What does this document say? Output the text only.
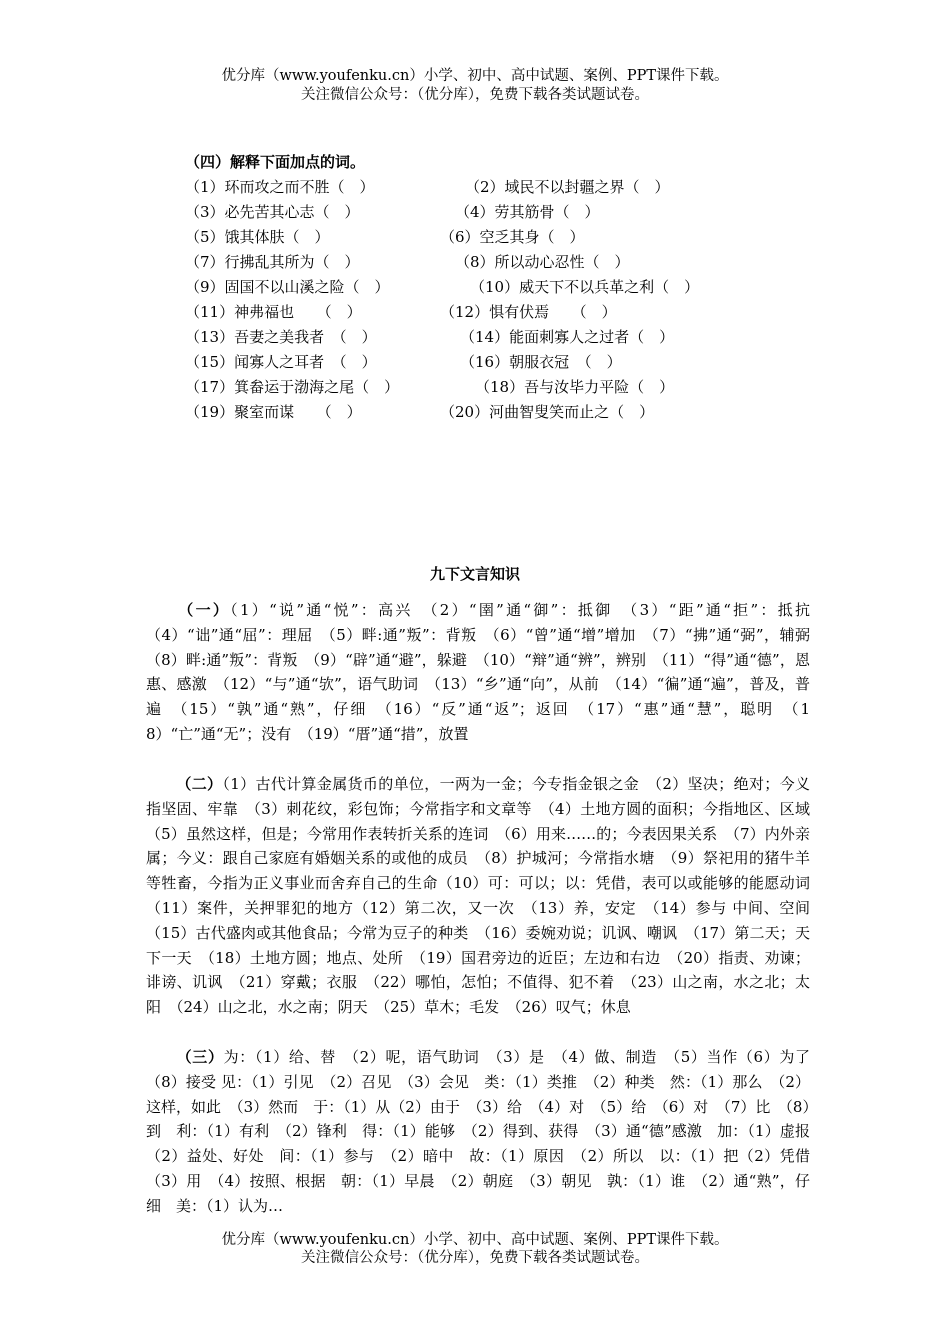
优分库（www.youfenku.cn）小学、初中、高中试题、案例、PPT课件下载。
关注微信公众号：（优分库），免费下载各类试题试卷。
（四）解释下面加点的词。
（1）环而攻之而不胜（　）	（2）域民不以封疆之界（　）
（3）必先苦其心志（　）	（4）劳其筋骨（　）
（5）饿其体肤（　）	（6）空乏其身（　）
（7）行拂乱其所为（　）	（8）所以动心忍性（　）
（9）固国不以山溪之险（　）	（10）威天下不以兵革之利（　）
（11）神弗福也　　（　）	（12）惧有伏焉　　（　）
（13）吾妻之美我者　（　）	（14）能面刺寡人之过者（　）
（15）闻寡人之耳者　（　）	（16）朝服衣冠　（　）
（17）箕畚运于渤海之尾（　）	（18）吾与汝毕力平险（　）
（19）聚室而谋　　（　）	（20）河曲智叟笑而止之（　）
九下文言知识
（一）（1）“说”通“悦”：高兴　（2）“圉”通“御”：抵御　（3）“距”通“拒”：抵抗　（4）“诎”通“屈”：理屈　（5）畔:通”叛”：背叛　（6）“曾”通“增”增加　（7）“拂”通“弼”，辅弼　（8）畔:通”叛”：背叛　（9）“辟”通“避”，躲避　（10）“辩”通“辨”，辨别　（11）“得”通“德”，恩惠、感激　（12）“与”通“欤”，语气助词　（13）“乡”通“向”，从前　（14）“徧”通“遍”，普及，普遍　（15）“孰”通“熟”，仔细　（16）“反”通“返”；返回　（17）“惠”通“慧”，聪明　（18）“亡”通“无”；没有　（19）“厝”通“措”，放置
（二）（1）古代计算金属货币的单位，一两为一金；今专指金银之金　（2）坚决；绝对；今义指坚固、牢靠　（3）刺花纹，彩包饰；今常指字和文章等　（4）土地方圆的面积；今指地区、区域　（5）虽然这样，但是；今常用作表转折关系的连词　（6）用来……的；今表因果关系　（7）内外亲属；今义：跟自己家庭有婚姻关系的或他的成员　（8）护城河；今常指水塘　（9）祭祀用的猪牛羊等牲畜，今指为正义事业而舍弃自己的生命（10）可：可以；以：凭借，表可以或能够的能愿动词　（11）案件，关押罪犯的地方（12）第二次，又一次　（13）养，安定　（14）参与 中间、空间　（15）古代盛肉或其他食品；今常为豆子的种类　（16）委婉劝说；讥讽、嘲讽　（17）第二天；天下一天　（18）土地方圆；地点、处所　（19）国君旁边的近臣；左边和右边　（20）指责、劝谏；诽谤、讥讽　（21）穿戴；衣服　（22）哪怕，怎怕；不值得、犯不着　（23）山之南，水之北；太阳　（24）山之北，水之南；阴天　（25）草木；毛发　（26）叹气；休息
（三）为：（1）给、替　（2）呢，语气助词　（3）是　（4）做、制造　（5）当作（6）为了　（8）接受 见：（1）引见　（2）召见　（3）会见　类：（1）类推　（2）种类　然：（1）那么　（2）这样，如此　（3）然而　于：（1）从（2）由于　（3）给　（4）对　（5）给　（6）对　（7）比　（8）到　利：（1）有利　（2）锋利　得：（1）能够　（2）得到、获得　（3）通“德”感激　加：（1）虚报　（2）益处、好处　间：（1）参与　（2）暗中　故：（1）原因　（2）所以　以：（1）把（2）凭借　（3）用　（4）按照、根据　朝：（1）早晨　（2）朝庭　（3）朝见　孰：（1）谁　（2）通“熟”，仔细　美：（1）认为…
优分库（www.youfenku.cn）小学、初中、高中试题、案例、PPT课件下载。
关注微信公众号：（优分库），免费下载各类试题试卷。
